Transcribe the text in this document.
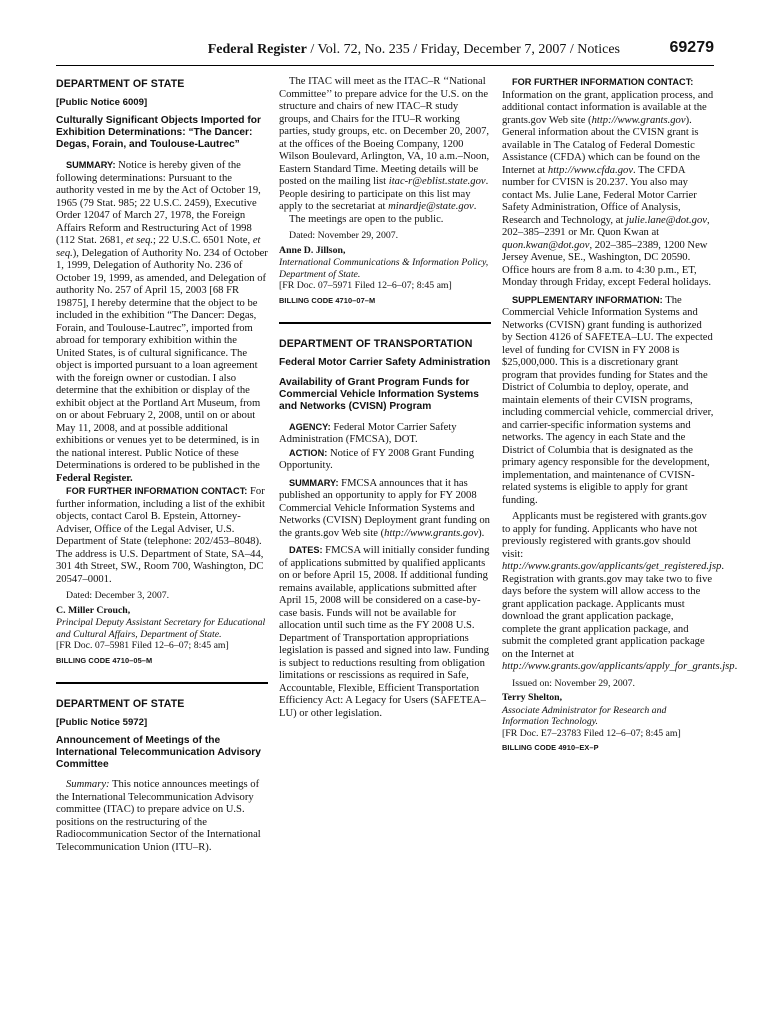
Federal Register / Vol. 72, No. 235 / Friday, December 7, 2007 / Notices	69279
DEPARTMENT OF STATE
[Public Notice 6009]
Culturally Significant Objects Imported for Exhibition Determinations: “The Dancer: Degas, Forain, and Toulouse-Lautrec”

SUMMARY: Notice is hereby given of the following determinations: Pursuant to the authority vested in me by the Act of October 19, 1965 (79 Stat. 985; 22 U.S.C. 2459), Executive Order 12047 of March 27, 1978, the Foreign Affairs Reform and Restructuring Act of 1998 (112 Stat. 2681, et seq.; 22 U.S.C. 6501 Note, et seq.), Delegation of Authority No. 234 of October 1, 1999, Delegation of Authority No. 236 of October 19, 1999, as amended, and Delegation of authority No. 257 of April 15, 2003 [68 FR 19875], I hereby determine that the object to be included in the exhibition “The Dancer: Degas, Forain, and Toulouse-Lautrec”, imported from abroad for temporary exhibition within the United States, is of cultural significance. The object is imported pursuant to a loan agreement with the foreign owner or custodian. I also determine that the exhibition or display of the exhibit object at the Portland Art Museum, from on or about February 2, 2008, until on or about May 11, 2008, and at possible additional exhibitions or venues yet to be determined, is in the national interest. Public Notice of these Determinations is ordered to be published in the Federal Register.

FOR FURTHER INFORMATION CONTACT: For further information, including a list of the exhibit objects, contact Carol B. Epstein, Attorney-Adviser, Office of the Legal Adviser, U.S. Department of State (telephone: 202/453–8048). The address is U.S. Department of State, SA–44, 301 4th Street, SW., Room 700, Washington, DC 20547–0001.

Dated: December 3, 2007.

C. Miller Crouch,

Principal Deputy Assistant Secretary for Educational and Cultural Affairs, Department of State.

[FR Doc. 07–5981 Filed 12–6–07; 8:45 am]

BILLING CODE 4710–05–M

DEPARTMENT OF STATE
[Public Notice 5972]
Announcement of Meetings of the International Telecommunication Advisory Committee

Summary: This notice announces meetings of the International Telecommunication Advisory committee (ITAC) to prepare advice on U.S. positions on the restructuring of the Radiocommunication Sector of the International Telecommunication Union (ITU–R).

The ITAC will meet as the ITAC–R ‘‘National Committee’’ to prepare advice for the U.S. on the structure and chairs of new ITAC–R study groups, and Chairs for the ITU–R working parties, study groups, etc. on December 20, 2007, at the offices of the Boeing Company, 1200 Wilson Boulevard, Arlington, VA, 10 a.m.–Noon, Eastern Standard Time. Meeting details will be posted on the mailing list itac-r@eblist.state.gov. People desiring to participate on this list may apply to the secretariat at minardje@state.gov.

The meetings are open to the public.

Dated: November 29, 2007.

Anne D. Jillson,

International Communications & Information Policy, Department of State.

[FR Doc. 07–5971 Filed 12–6–07; 8:45 am]

BILLING CODE 4710–07–M

DEPARTMENT OF TRANSPORTATION
Federal Motor Carrier Safety Administration
Availability of Grant Program Funds for Commercial Vehicle Information Systems and Networks (CVISN) Program

AGENCY: Federal Motor Carrier Safety Administration (FMCSA), DOT.

ACTION: Notice of FY 2008 Grant Funding Opportunity.

SUMMARY: FMCSA announces that it has published an opportunity to apply for FY 2008 Commercial Vehicle Information Systems and Networks (CVISN) Deployment grant funding on the grants.gov Web site (http://www.grants.gov).

DATES: FMCSA will initially consider funding of applications submitted by qualified applicants on or before April 15, 2008. If additional funding remains available, applications submitted after April 15, 2008 will be considered on a case-by-case basis. Funds will not be available for allocation until such time as the FY 2008 U.S. Department of Transportation appropriations legislation is passed and signed into law. Funding is subject to reductions resulting from obligation limitations or rescissions as required in Safe, Accountable, Flexible, Efficient Transportation Efficiency Act: A Legacy for Users (SAFETEA–LU) or other legislation.

FOR FURTHER INFORMATION CONTACT: Information on the grant, application process, and additional contact information is available at the grants.gov Web site (http://www.grants.gov). General information about the CVISN grant is available in The Catalog of Federal Domestic Assistance (CFDA) which can be found on the Internet at http://www.cfda.gov. The CFDA number for CVISN is 20.237. You also may contact Ms. Julie Lane, Federal Motor Carrier Safety Administration, Office of Analysis, Research and Technology, at julie.lane@dot.gov, 202–385–2391 or Mr. Quon Kwan at quon.kwan@dot.gov, 202–385–2389, 1200 New Jersey Avenue, SE., Washington, DC 20590. Office hours are from 8 a.m. to 4:30 p.m., ET, Monday through Friday, except Federal holidays.

SUPPLEMENTARY INFORMATION: The Commercial Vehicle Information Systems and Networks (CVISN) grant funding is authorized by Section 4126 of SAFETEA–LU. The expected level of funding for CVISN in FY 2008 is $25,000,000. This is a discretionary grant program that provides funding for States and the District of Columbia to deploy, operate, and maintain elements of their CVISN programs, including commercial vehicle, commercial driver, and carrier-specific information systems and networks. The agency in each State and the District of Columbia that is designated as the primary agency responsible for the development, implementation, and maintenance of CVISN-related systems is eligible to apply for grant funding.

Applicants must be registered with grants.gov to apply for funding. Applicants who have not previously registered with grants.gov should visit: http://www.grants.gov/applicants/get_registered.jsp. Registration with grants.gov may take two to five days before the system will allow access to the grant application package. Applicants must download the grant application package, complete the grant application package, and submit the completed grant application package on the Internet at http://www.grants.gov/applicants/apply_for_grants.jsp.

Issued on: November 29, 2007.

Terry Shelton,

Associate Administrator for Research and Information Technology.

[FR Doc. E7–23783 Filed 12–6–07; 8:45 am]

BILLING CODE 4910–EX–P
